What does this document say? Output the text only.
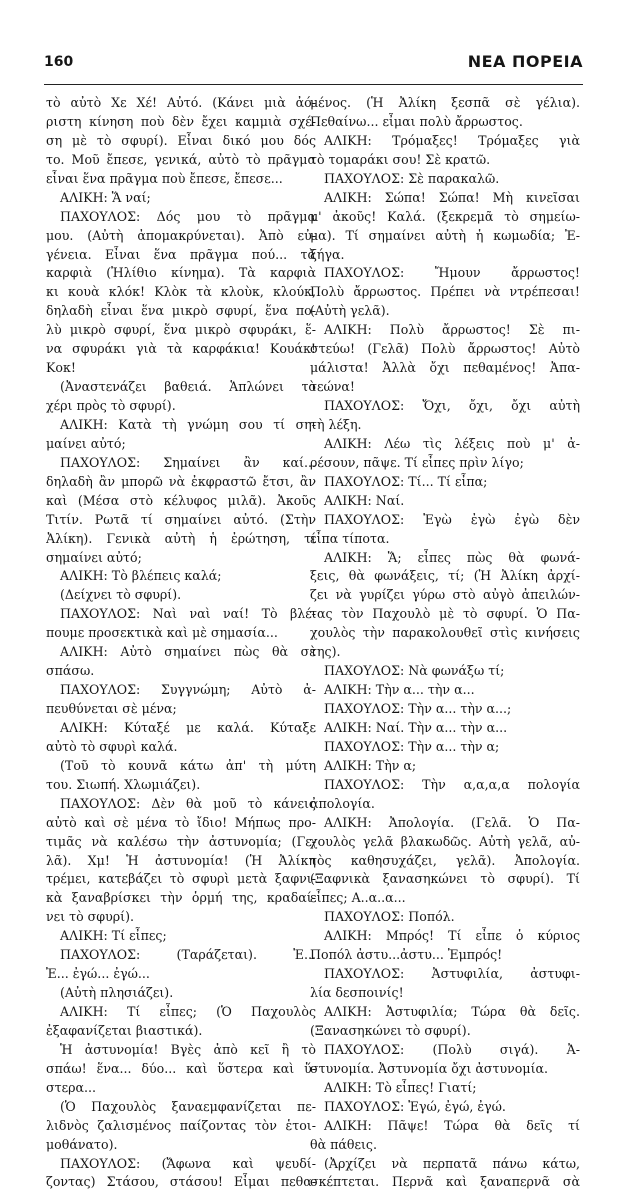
160	ΝΕΑ ΠΟΡΕΙΑ
τὸ αὐτὸ Χε Χέ! Αὐτό. (Κάνει μιὰ ἀό-
ριστη κίνηση ποὺ δὲν ἔχει καμμιὰ σχέ-
ση μὲ τὸ σφυρί). Εἶναι δικό μου δός
το. Μοῦ ἔπεσε, γενικά, αὐτὸ τὸ πρᾶγμα
εἶναι ἕνα πρᾶγμα ποὺ ἔπεσε, ἔπεσε...
ΑΛΙΚΗ: Ἅ ναί;
ΠΑΧΟΥΛΟΣ: Δός μου τὸ πρᾶγμα
μου. (Αὐτὴ ἀπομακρύνεται). Ἀπὸ εὐ-
γένεια. Εἶναι ἕνα πρᾶγμα πού... τὰ
καρφιὰ (Ἠλίθιο κίνημα). Τὰ καρφιὰ
κι κουὰ κλόκ! Κλὸκ τὰ κλοὺκ, κλούκ,
δηλαδὴ εἶναι ἕνα μικρὸ σφυρί, ἕνα πο-
λὺ μικρὸ σφυρί, ἕνα μικρὸ σφυράκι, ἕ-
να σφυράκι γιὰ τὰ καρφάκια! Κουάκ!
Κοκ!
(Ἀναστενάζει βαθειά. Ἁπλώνει τὸ
χέρι πρὸς τὸ σφυρί).
ΑΛΙΚΗ: Κατὰ τὴ γνώμη σου τί ση-
μαίνει αὐτό;
ΠΑΧΟΥΛΟΣ: Σημαίνει ἂν καί...
δηλαδὴ ἂν μπορῶ νὰ ἐκφραστῶ ἔτσι, ἂν
καὶ (Μέσα στὸ κέλυφος μιλᾶ). Ἀκοῦς
Τιτίν. Ρωτᾶ τί σημαίνει αὐτό. (Στὴν
Ἀλίκη). Γενικὰ αὐτὴ ἡ ἐρώτηση, τί
σημαίνει αὐτό;
ΑΛΙΚΗ: Τὸ βλέπεις καλά;
(Δείχνει τὸ σφυρί).
ΠΑΧΟΥΛΟΣ: Ναὶ ναὶ ναί! Τὸ βλέ-
πουμε προσεκτικὰ καὶ μὲ σημασία...
ΑΛΙΚΗ: Αὐτὸ σημαίνει πὼς θὰ σὲ
σπάσω.
ΠΑΧΟΥΛΟΣ: Συγγνώμη; Αὐτὸ ἀ-
πευθύνεται σὲ μένα;
ΑΛΙΚΗ: Κύταξέ με καλά. Κύταξε
αὐτὸ τὸ σφυρὶ καλά.
(Τοῦ τὸ κουνᾶ κάτω ἀπ' τὴ μύτη
του. Σιωπή. Χλωμιάζει).
ΠΑΧΟΥΛΟΣ: Δὲν θὰ μοῦ τὸ κάνεις
αὐτὸ καὶ σὲ μένα τὸ ἴδιο! Μήπως προ-
τιμᾶς νὰ καλέσω τὴν ἀστυνομία; (Γε-
λᾶ). Χμ! Ἡ ἀστυνομία! (Ἡ Ἀλίκη
τρέμει, κατεβάζει τὸ σφυρὶ μετὰ ξαφνι-
κὰ ξαναβρίσκει τὴν ὁρμή της, κραδαί-
νει τὸ σφυρί).
ΑΛΙΚΗ: Τί εἶπες;
ΠΑΧΟΥΛΟΣ: (Ταράζεται). Ἐ...
Ἐ... ἐγώ... ἐγώ...
(Αὐτὴ πλησιάζει).
ΑΛΙΚΗ: Τί εἶπες; (Ὁ Παχουλὸς
ἐξαφανίζεται βιαστικά).
Ἡ ἀστυνομία! Βγὲς ἀπὸ κεῖ ἢ τὸ
σπάω! ἕνα... δύο... καὶ ὕστερα καὶ ὕ-
στερα...
(Ὁ Παχουλὸς ξαναεμφανίζεται πε-
λιδνὸς ζαλισμένος παίζοντας τὸν ἑτοι-
μοθάνατο).
ΠΑΧΟΥΛΟΣ: (Ἄφωνα καὶ ψευδί-
ζοντας) Στάσου, στάσου! Εἶμαι πεθα-
μένος. (Ἡ Ἀλίκη ξεσπᾶ σὲ γέλια).
Πεθαίνω... εἶμαι πολὺ ἄρρωστος.
ΑΛΙΚΗ: Τρόμαξες! Τρόμαξες γιὰ
τὸ τομαράκι σου! Σὲ κρατῶ.
ΠΑΧΟΥΛΟΣ: Σὲ παρακαλῶ.
ΑΛΙΚΗ: Σώπα! Σώπα! Μὴ κινεῖσαι
μ' ἀκοῦς! Καλά. (ξεκρεμᾶ τὸ σημείω-
μα). Τί σημαίνει αὐτὴ ἡ κωμωδία; Ἐ-
ξήγα.
ΠΑΧΟΥΛΟΣ: Ἤμουν ἄρρωστος!
Πολὺ ἄρρωστος. Πρέπει νὰ ντρέπεσαι!
(Αὐτὴ γελᾶ).
ΑΛΙΚΗ: Πολὺ ἄρρωστος! Σὲ πι-
στεύω! (Γελᾶ) Πολὺ ἄρρωστος! Αὐτὸ
μάλιστα! Ἀλλὰ ὄχι πεθαμένος! Ἀπα-
τεώνα!
ΠΑΧΟΥΛΟΣ: Ὄχι, ὄχι, ὄχι αὐτὴ
τὴ λέξη.
ΑΛΙΚΗ: Λέω τὶς λέξεις ποὺ μ' ἀ-
ρέσουν, πᾶψε. Τί εἶπες πρὶν λίγο;
ΠΑΧΟΥΛΟΣ: Τί... Τί εἶπα;
ΑΛΙΚΗ: Ναί.
ΠΑΧΟΥΛΟΣ: Ἐγὼ ἐγὼ ἐγὼ δὲν
εἶπα τίποτα.
ΑΛΙΚΗ: Ἅ; εἶπες πὼς θὰ φωνά-
ξεις, θὰ φωνάξεις, τί; (Ἡ Ἀλίκη ἀρχί-
ζει νὰ γυρίζει γύρω στὸ αὐγὸ ἀπειλών-
τας τὸν Παχουλὸ μὲ τὸ σφυρί. Ὁ Πα-
χουλὸς τὴν παρακολουθεῖ στὶς κινήσεις
της).
ΠΑΧΟΥΛΟΣ: Νὰ φωνάξω τί;
ΑΛΙΚΗ: Τὴν α... τὴν α...
ΠΑΧΟΥΛΟΣ: Τὴν α... τὴν α...;
ΑΛΙΚΗ: Ναί. Τὴν α... τὴν α...
ΠΑΧΟΥΛΟΣ: Τὴν α... τὴν α;
ΑΛΙΚΗ: Τὴν α;
ΠΑΧΟΥΛΟΣ: Τὴν α,α,α,α πολογία
ἀπολογία.
ΑΛΙΚΗ: Ἀπολογία. (Γελᾶ. Ὁ Πα-
χουλὸς γελᾶ βλακωδῶς. Αὐτὴ γελᾶ, αὐ-
τὸς καθησυχάζει, γελᾶ). Ἀπολογία.
(Ξαφνικὰ ξανασηκώνει τὸ σφυρί). Τί
εἶπες; Α..α..α...
ΠΑΧΟΥΛΟΣ: Ποπόλ.
ΑΛΙΚΗ: Μπρός! Τί εἶπε ὁ κύριος
Ποπόλ ἀστυ...ἀστυ... Ἐμπρός!
ΠΑΧΟΥΛΟΣ: Ἀστυφιλία, ἀστυφι-
λία δεσποινίς!
ΑΛΙΚΗ: Ἀστυφιλία; Τώρα θὰ δεῖς.
(Ξανασηκώνει τὸ σφυρί).
ΠΑΧΟΥΛΟΣ: (Πολὺ σιγά). Ἀ-
στυνομία. Ἀστυνομία ὄχι ἀστυνομία.
ΑΛΙΚΗ: Τὸ εἶπες! Γιατί;
ΠΑΧΟΥΛΟΣ: Ἐγώ, ἐγώ, ἐγώ.
ΑΛΙΚΗ: Πᾶψε! Τώρα θὰ δεῖς τί
θὰ πάθεις.
(Ἀρχίζει νὰ περπατᾶ πάνω κάτω,
σκέπτεται. Περνᾶ καὶ ξαναπερνᾶ σὰ
